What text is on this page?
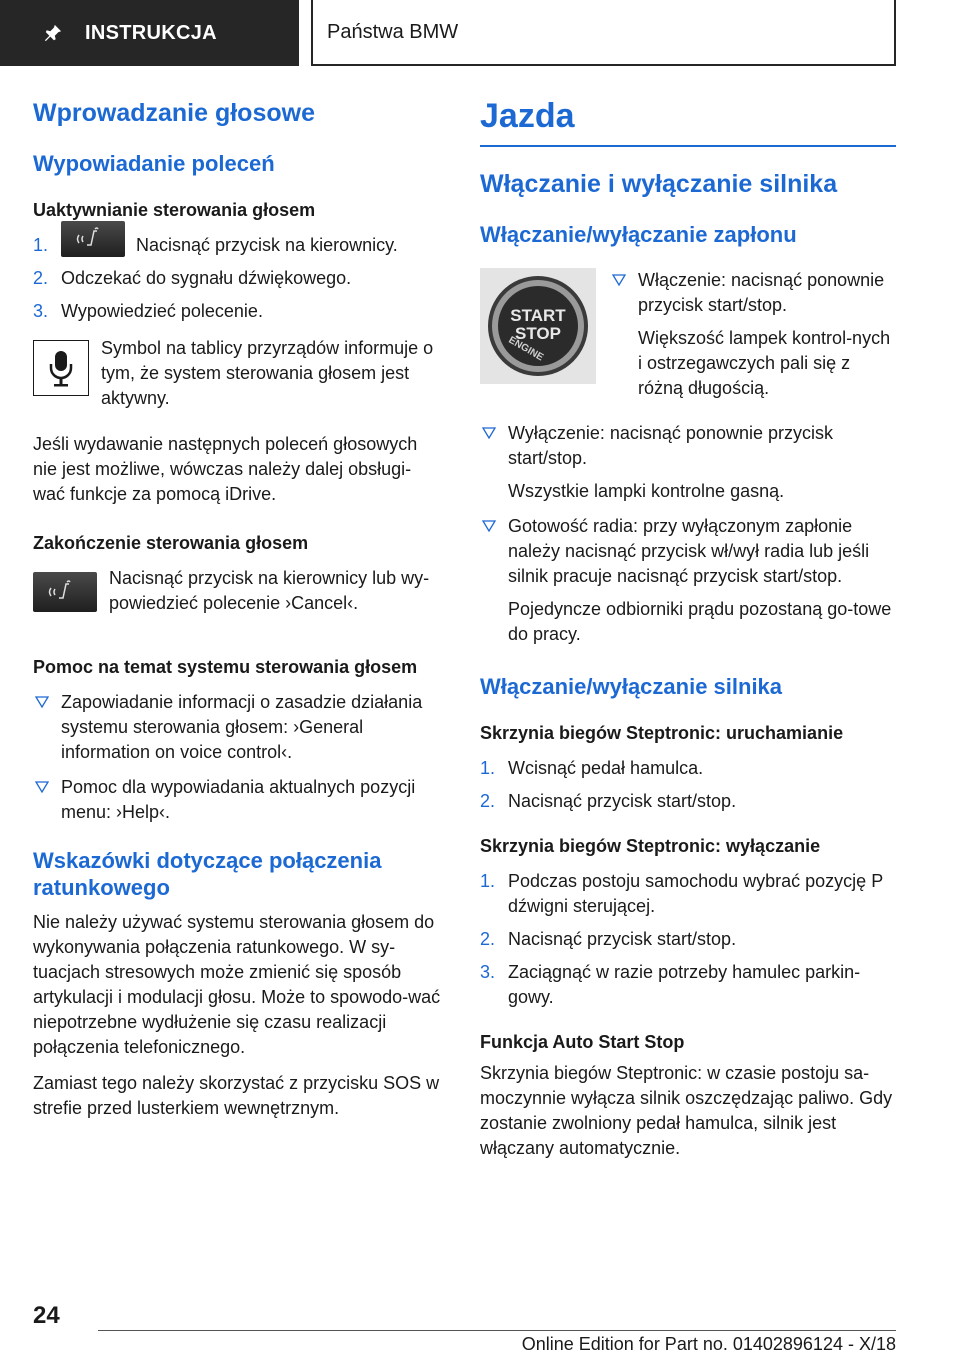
INSTRUKCJA	Państwa BMW
Wprowadzanie głosowe
Wypowiadanie poleceń
Uaktywnianie sterowania głosem
1.	Nacisnąć przycisk na kierownicy.
2. Odczekać do sygnału dźwiękowego.
3. Wypowiedzieć polecenie.

Symbol na tablicy przyrządów informuje o tym, że system sterowania głosem jest aktywny.

Jeśli wydawanie następnych poleceń głosowych nie jest możliwe, wówczas należy dalej obsługi-wać funkcje za pomocą iDrive.

Zakończenie sterowania głosem

Nacisnąć przycisk na kierownicy lub wy-powiedzieć polecenie ›Cancel‹.

Pomoc na temat systemu sterowania głosem
Zapowiadanie informacji o zasadzie działania systemu sterowania głosem: ›General information on voice control‹.
Pomoc dla wypowiadania aktualnych pozycji menu: ›Help‹.
Wskazówki dotyczące połączenia ratunkowego

Nie należy używać systemu sterowania głosem do wykonywania połączenia ratunkowego. W sy-tuacjach stresowych może zmienić się sposób artykulacji i modulacji głosu. Może to spowodo-wać niepotrzebne wydłużenie się czasu realizacji połączenia telefonicznego.

Zamiast tego należy skorzystać z przycisku SOS w strefie przed lusterkiem wewnętrznym.

Jazda
Włączanie i wyłączanie silnika
Włączanie/wyłączanie zapłonu
START
STOP
ENGINE

Włączenie: nacisnąć ponownie przycisk start/stop.

Większość lampek kontrol-nych i ostrzegawczych pali się z różną długością.

Wyłączenie: nacisnąć ponownie przycisk start/stop.

Wszystkie lampki kontrolne gasną.

Gotowość radia: przy wyłączonym zapłonie należy nacisnąć przycisk wł/wył radia lub jeśli silnik pracuje nacisnąć przycisk start/stop.

Pojedyncze odbiorniki prądu pozostaną go-towe do pracy.

Włączanie/wyłączanie silnika
Skrzynia biegów Steptronic: uruchamianie
1. Wcisnąć pedał hamulca.
2. Nacisnąć przycisk start/stop.
Skrzynia biegów Steptronic: wyłączanie
1. Podczas postoju samochodu wybrać pozycję P dźwigni sterującej.
2. Nacisnąć przycisk start/stop.
3. Zaciągnąć w razie potrzeby hamulec parkin-gowy.
Funkcja Auto Start Stop

Skrzynia biegów Steptronic: w czasie postoju sa-moczynnie wyłącza silnik oszczędzając paliwo. Gdy zostanie zwolniony pedał hamulca, silnik jest włączany automatycznie.

24
Online Edition for Part no. 01402896124 - X/18
